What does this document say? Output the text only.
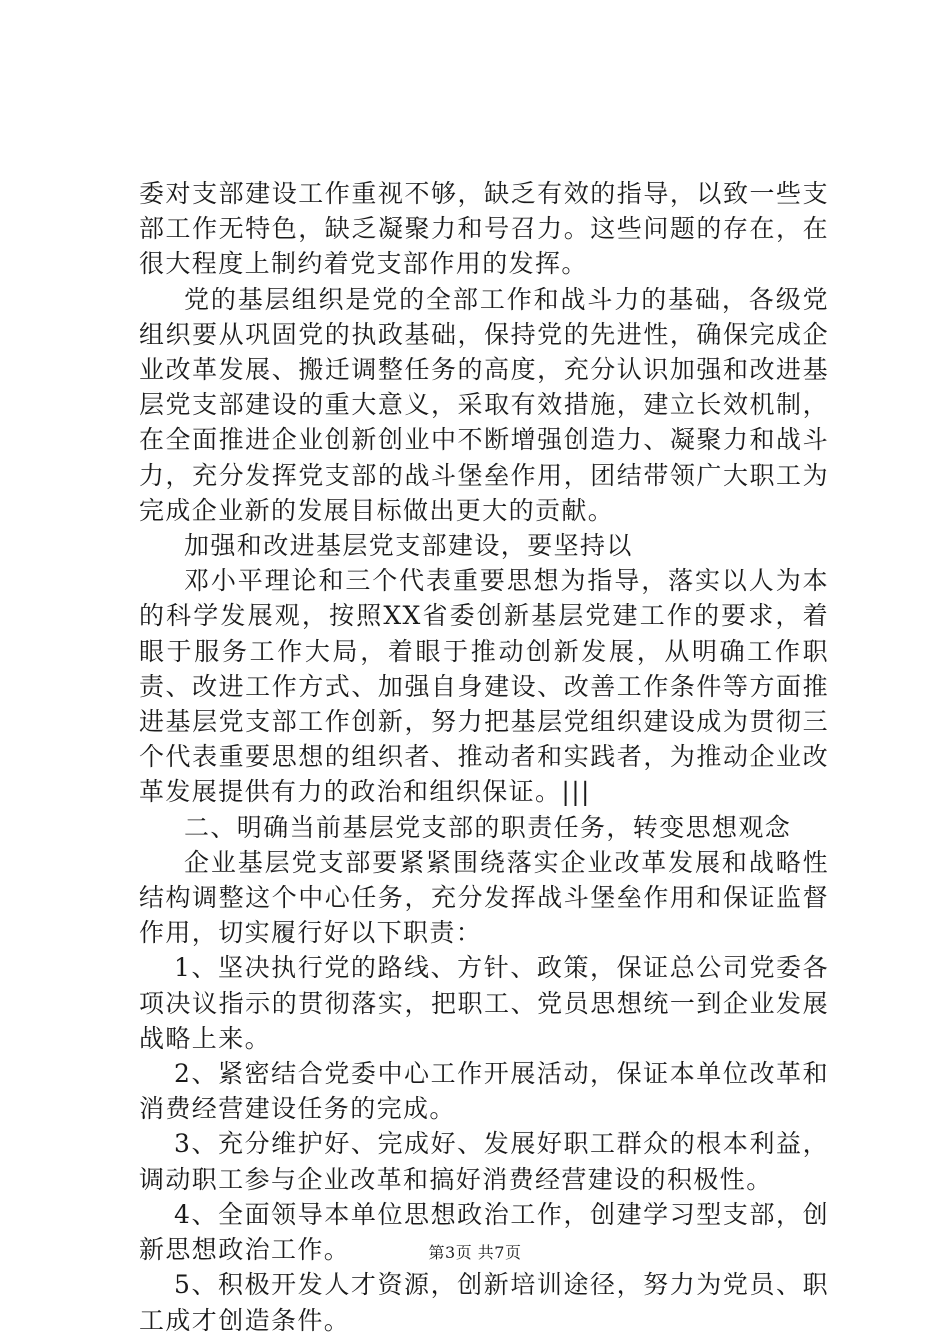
委对支部建设工作重视不够，缺乏有效的指导，以致一些支部工作无特色，缺乏凝聚力和号召力。这些问题的存在，在很大程度上制约着党支部作用的发挥。

党的基层组织是党的全部工作和战斗力的基础，各级党组织要从巩固党的执政基础，保持党的先进性，确保完成企业改革发展、搬迁调整任务的高度，充分认识加强和改进基层党支部建设的重大意义，采取有效措施，建立长效机制，在全面推进企业创新创业中不断增强创造力、凝聚力和战斗力，充分发挥党支部的战斗堡垒作用，团结带领广大职工为完成企业新的发展目标做出更大的贡献。

加强和改进基层党支部建设，要坚持以

邓小平理论和三个代表重要思想为指导，落实以人为本的科学发展观，按照XX省委创新基层党建工作的要求，着眼于服务工作大局，着眼于推动创新发展，从明确工作职责、改进工作方式、加强自身建设、改善工作条件等方面推进基层党支部工作创新，努力把基层党组织建设成为贯彻三个代表重要思想的组织者、推动者和实践者，为推动企业改革发展提供有力的政治和组织保证。|||

二、明确当前基层党支部的职责任务，转变思想观念

企业基层党支部要紧紧围绕落实企业改革发展和战略性结构调整这个中心任务，充分发挥战斗堡垒作用和保证监督作用，切实履行好以下职责：

1、坚决执行党的路线、方针、政策，保证总公司党委各项决议指示的贯彻落实，把职工、党员思想统一到企业发展战略上来。

2、紧密结合党委中心工作开展活动，保证本单位改革和消费经营建设任务的完成。

3、充分维护好、完成好、发展好职工群众的根本利益，调动职工参与企业改革和搞好消费经营建设的积极性。

4、全面领导本单位思想政治工作，创建学习型支部，创新思想政治工作。

5、积极开发人才资源，创新培训途径，努力为党员、职工成才创造条件。

第3页 共7页
